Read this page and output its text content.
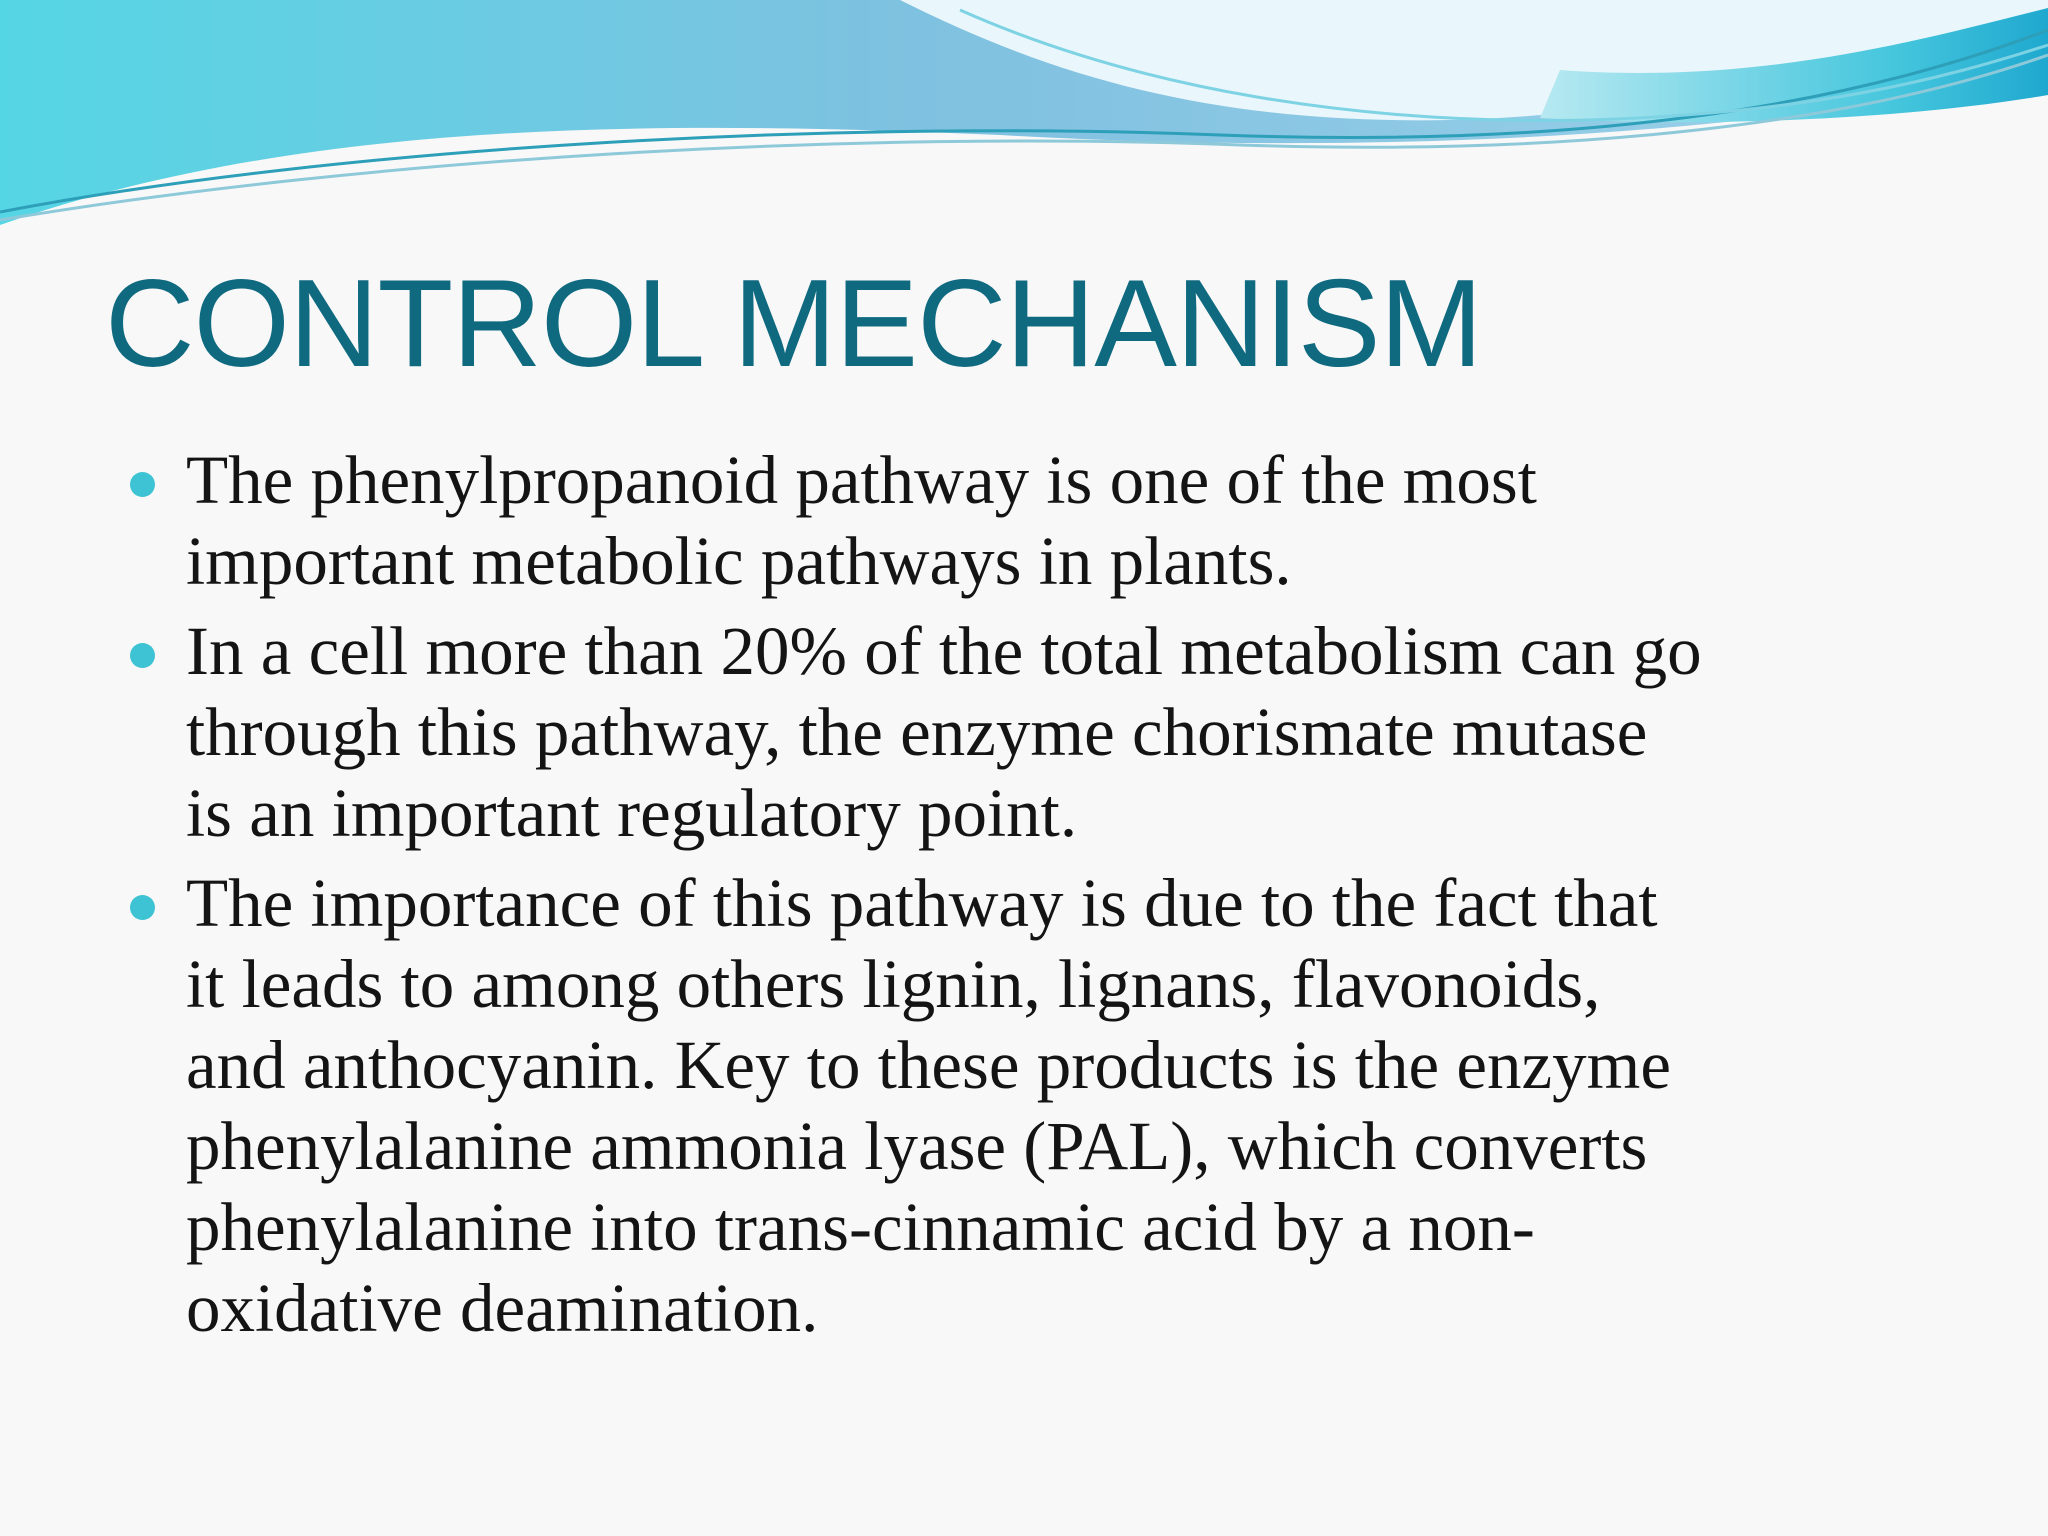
CONTROL MECHANISM
The phenylpropanoid pathway is one of the most
important metabolic pathways in plants.
In a cell more than 20% of the total metabolism can go
through this pathway, the enzyme chorismate mutase
is an important regulatory point.
The importance of this pathway is due to the fact that
it leads to among others lignin, lignans, flavonoids,
and anthocyanin. Key to these products is the enzyme
phenylalanine ammonia lyase (PAL), which converts
phenylalanine into trans-cinnamic acid by a non-
oxidative deamination.
